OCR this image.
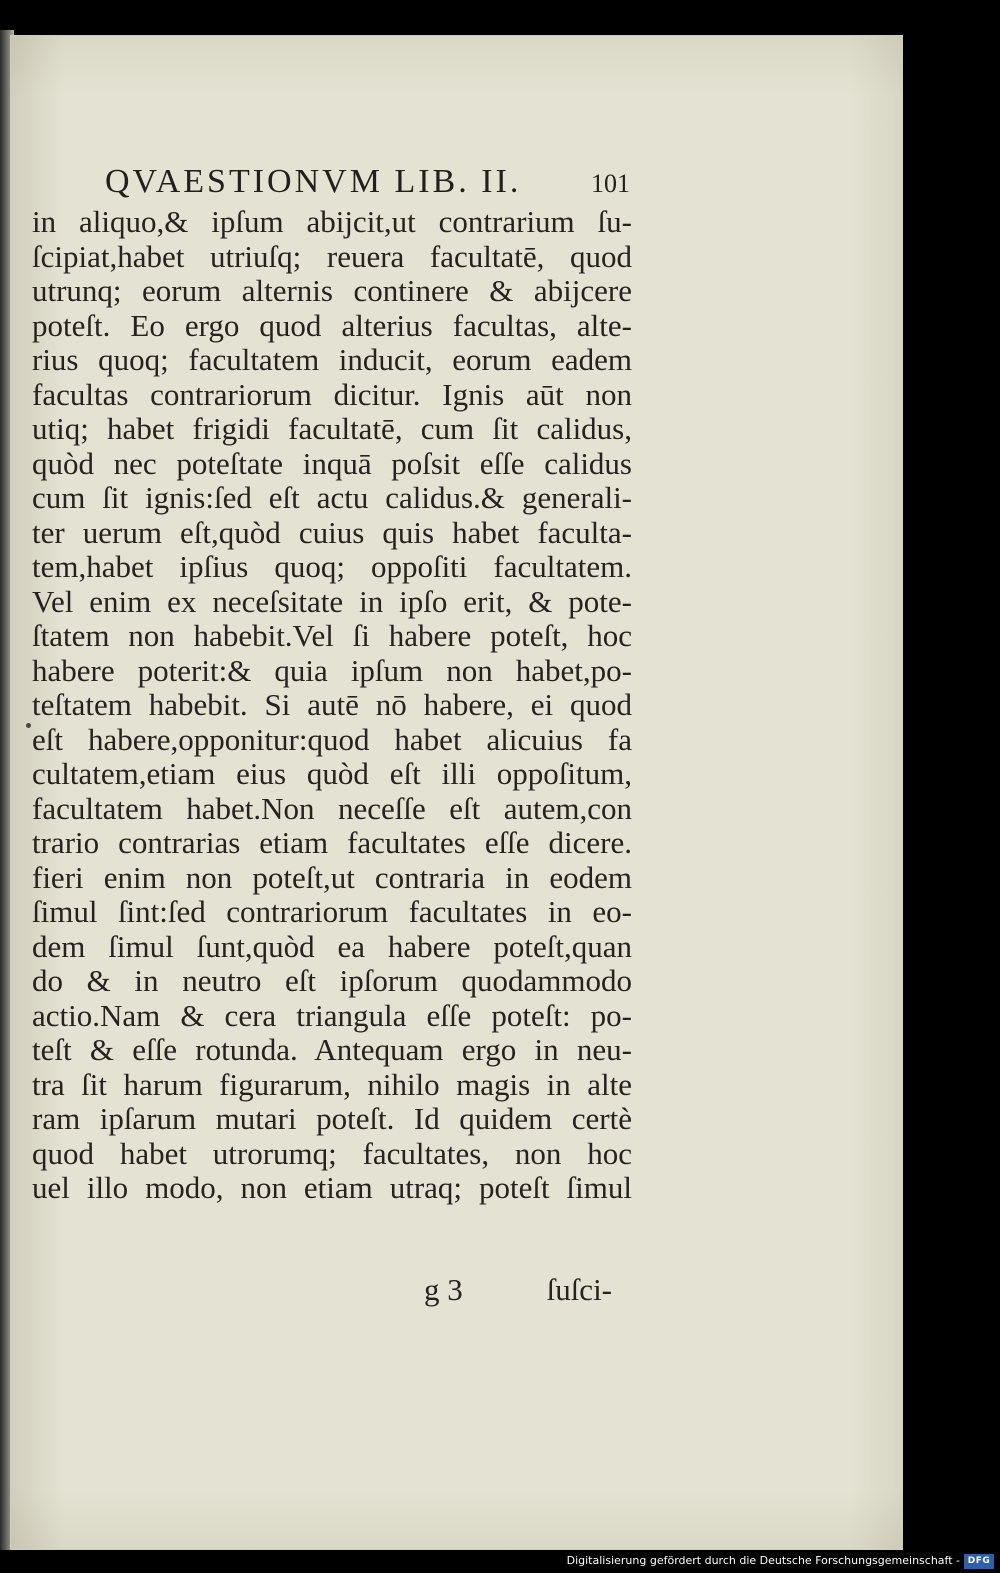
QVAESTIONVM LIB. II.	101
in aliquo,& ipſum abijcit,ut contrarium ſu-
ſcipiat,habet utriuſq; reuera facultatē, quod
utrunq; eorum alternis continere & abijcere
poteſt. Eo ergo quod alterius facultas, alte-
rius quoq; facultatem inducit, eorum eadem
facultas contrariorum dicitur. Ignis aūt non
utiq; habet frigidi facultatē, cum ſit calidus,
quòd nec poteſtate inquā poſsit eſſe calidus
cum ſit ignis:ſed eſt actu calidus.& generali-
ter uerum eſt,quòd cuius quis habet faculta-
tem,habet ipſius quoq; oppoſiti facultatem.
Vel enim ex neceſsitate in ipſo erit, & pote-
ſtatem non habebit.Vel ſi habere poteſt, hoc
habere poterit:& quia ipſum non habet,po-
teſtatem habebit. Si autē nō habere, ei quod
eſt habere,opponitur:quod habet alicuius fa
cultatem,etiam eius quòd eſt illi oppoſitum,
facultatem habet.Non neceſſe eſt autem,con
trario contrarias etiam facultates eſſe dicere.
fieri enim non poteſt,ut contraria in eodem
ſimul ſint:ſed contrariorum facultates in eo-
dem ſimul ſunt,quòd ea habere poteſt,quan
do & in neutro eſt ipſorum quodammodo
actio.Nam & cera triangula eſſe poteſt: po-
teſt & eſſe rotunda. Antequam ergo in neu-
tra ſit harum figurarum, nihilo magis in alte
ram ipſarum mutari poteſt. Id quidem certè
quod habet utrorumq; facultates, non hoc
uel illo modo, non etiam utraq; poteſt ſimul
g 3	ſuſci-
Digitalisierung gefördert durch die Deutsche Forschungsgemeinschaft - DFG
